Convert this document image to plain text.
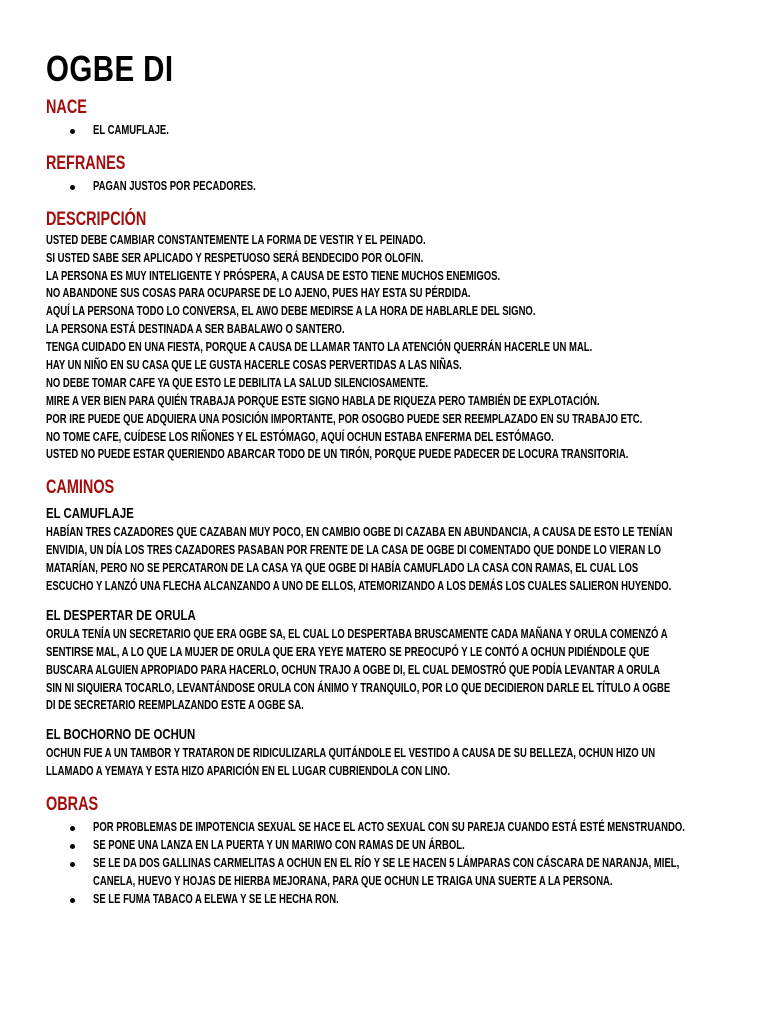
OGBE DI
NACE
EL CAMUFLAJE.
REFRANES
PAGAN JUSTOS POR PECADORES.
DESCRIPCIÓN
USTED DEBE CAMBIAR CONSTANTEMENTE LA FORMA DE VESTIR Y EL PEINADO.
SI USTED SABE SER APLICADO Y RESPETUOSO SERÁ BENDECIDO POR OLOFIN.
LA PERSONA ES MUY INTELIGENTE Y PRÓSPERA, A CAUSA DE ESTO TIENE MUCHOS ENEMIGOS.
NO ABANDONE SUS COSAS PARA OCUPARSE DE LO AJENO, PUES HAY ESTA SU PÉRDIDA.
AQUÍ LA PERSONA TODO LO CONVERSA, EL AWO DEBE MEDIRSE A LA HORA DE HABLARLE DEL SIGNO.
LA PERSONA ESTÁ DESTINADA A SER BABALAWO O SANTERO.
TENGA CUIDADO EN UNA FIESTA, PORQUE A CAUSA DE LLAMAR TANTO LA ATENCIÓN QUERRÁN HACERLE UN MAL.
HAY UN NIÑO EN SU CASA QUE LE GUSTA HACERLE COSAS PERVERTIDAS A LAS NIÑAS.
NO DEBE TOMAR CAFE YA QUE ESTO LE DEBILITA LA SALUD SILENCIOSAMENTE.
MIRE A VER BIEN PARA QUIÉN TRABAJA PORQUE ESTE SIGNO HABLA DE RIQUEZA PERO TAMBIÉN DE EXPLOTACIÓN.
POR IRE PUEDE QUE ADQUIERA UNA POSICIÓN IMPORTANTE, POR OSOGBO PUEDE SER REEMPLAZADO EN SU TRABAJO ETC.
NO TOME CAFE, CUÍDESE LOS RIÑONES Y EL ESTÓMAGO, AQUÍ OCHUN ESTABA ENFERMA DEL ESTÓMAGO.
USTED NO PUEDE ESTAR QUERIENDO ABARCAR TODO DE UN TIRÓN, PORQUE PUEDE PADECER DE LOCURA TRANSITORIA.
CAMINOS
EL CAMUFLAJE
HABÍAN TRES CAZADORES QUE CAZABAN MUY POCO, EN CAMBIO OGBE DI CAZABA EN ABUNDANCIA, A CAUSA DE ESTO LE TENÍAN
ENVIDIA, UN DÍA LOS TRES CAZADORES PASABAN POR FRENTE DE LA CASA DE OGBE DI COMENTADO QUE DONDE LO VIERAN LO
MATARÍAN, PERO NO SE PERCATARON DE LA CASA YA QUE OGBE DI HABÍA CAMUFLADO LA CASA CON RAMAS, EL CUAL LOS
ESCUCHO Y LANZÓ UNA FLECHA ALCANZANDO A UNO DE ELLOS, ATEMORIZANDO A LOS DEMÁS LOS CUALES SALIERON HUYENDO.
EL DESPERTAR DE ORULA
ORULA TENÍA UN SECRETARIO QUE ERA OGBE SA, EL CUAL LO DESPERTABA BRUSCAMENTE CADA MAÑANA Y ORULA COMENZÓ A
SENTIRSE MAL, A LO QUE LA MUJER DE ORULA QUE ERA YEYE MATERO SE PREOCUPÓ Y LE CONTÓ A OCHUN PIDIÉNDOLE QUE
BUSCARA ALGUIEN APROPIADO PARA HACERLO, OCHUN TRAJO A OGBE DI, EL CUAL DEMOSTRÓ QUE PODÍA LEVANTAR A ORULA
SIN NI SIQUIERA TOCARLO, LEVANTÁNDOSE ORULA CON ÁNIMO Y TRANQUILO, POR LO QUE DECIDIERON DARLE EL TÍTULO A OGBE
DI DE SECRETARIO REEMPLAZANDO ESTE A OGBE SA.
EL BOCHORNO DE OCHUN
OCHUN FUE A UN TAMBOR Y TRATARON DE RIDICULIZARLA QUITÁNDOLE EL VESTIDO A CAUSA DE SU BELLEZA, OCHUN HIZO UN
LLAMADO A YEMAYA Y ESTA HIZO APARICIÓN EN EL LUGAR CUBRIENDOLA CON LINO.
OBRAS
POR PROBLEMAS DE IMPOTENCIA SEXUAL SE HACE EL ACTO SEXUAL CON SU PAREJA CUANDO ESTÁ ESTÉ MENSTRUANDO.
SE PONE UNA LANZA EN LA PUERTA Y UN MARIWO CON RAMAS DE UN ÁRBOL.
SE LE DA DOS GALLINAS CARMELITAS A OCHUN EN EL RÍO Y SE LE HACEN 5 LÁMPARAS CON CÁSCARA DE NARANJA, MIEL,
CANELA, HUEVO Y HOJAS DE HIERBA MEJORANA, PARA QUE OCHUN LE TRAIGA UNA SUERTE A LA PERSONA.
SE LE FUMA TABACO A ELEWA Y SE LE HECHA RON.
